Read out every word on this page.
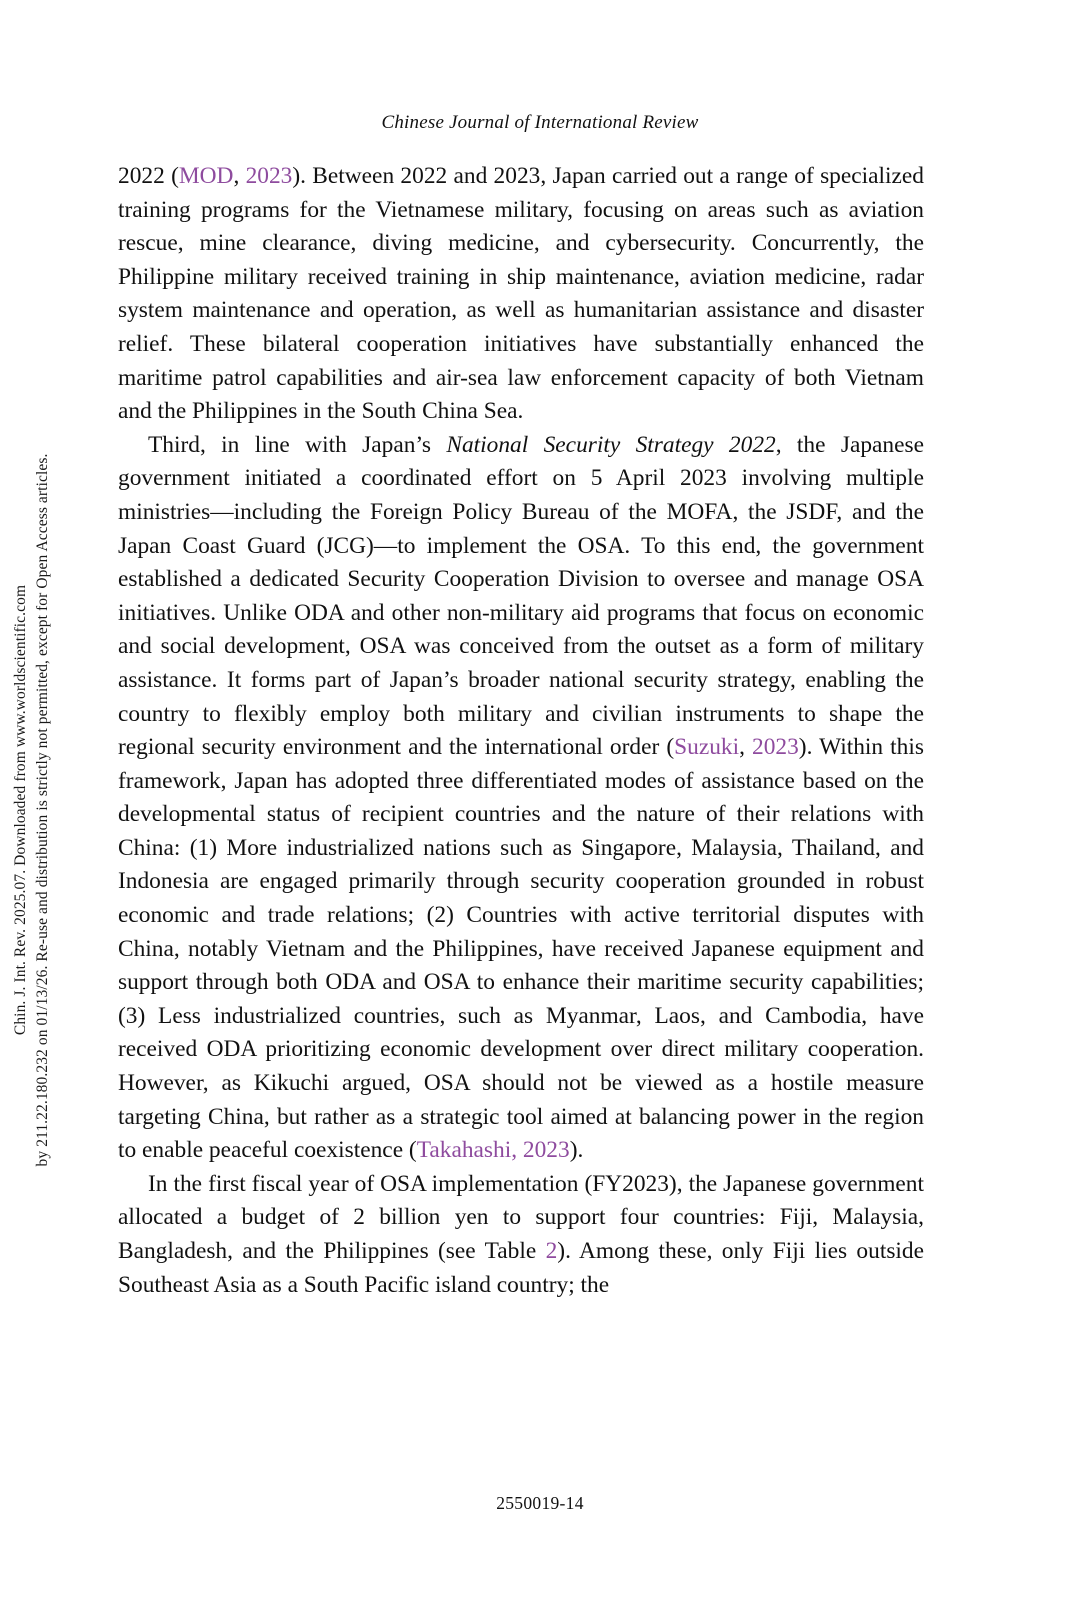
Chin. J. Int. Rev. 2025.07. Downloaded from www.worldscientific.com by 211.22.180.232 on 01/13/26. Re-use and distribution is strictly not permitted, except for Open Access articles.
Chinese Journal of International Review

2022 (MOD, 2023). Between 2022 and 2023, Japan carried out a range of specialized training programs for the Vietnamese military, focusing on areas such as aviation rescue, mine clearance, diving medicine, and cybersecurity. Concurrently, the Philippine military received training in ship maintenance, aviation medicine, radar system maintenance and operation, as well as humanitarian assistance and disaster relief. These bilateral cooperation initiatives have substantially enhanced the maritime patrol capabilities and air-sea law enforcement capacity of both Vietnam and the Philippines in the South China Sea.

Third, in line with Japan’s National Security Strategy 2022, the Japanese government initiated a coordinated effort on 5 April 2023 involving multiple ministries—including the Foreign Policy Bureau of the MOFA, the JSDF, and the Japan Coast Guard (JCG)—to implement the OSA. To this end, the government established a dedicated Security Cooperation Division to oversee and manage OSA initiatives. Unlike ODA and other non-military aid programs that focus on economic and social development, OSA was conceived from the outset as a form of military assistance. It forms part of Japan’s broader national security strategy, enabling the country to flexibly employ both military and civilian instruments to shape the regional security environment and the international order (Suzuki, 2023). Within this framework, Japan has adopted three differentiated modes of assistance based on the developmental status of recipient countries and the nature of their relations with China: (1) More industrialized nations such as Singapore, Malaysia, Thailand, and Indonesia are engaged primarily through security cooperation grounded in robust economic and trade relations; (2) Countries with active territorial disputes with China, notably Vietnam and the Philippines, have received Japanese equipment and support through both ODA and OSA to enhance their maritime security capabilities; (3) Less industrialized countries, such as Myanmar, Laos, and Cambodia, have received ODA prioritizing economic development over direct military cooperation. However, as Kikuchi argued, OSA should not be viewed as a hostile measure targeting China, but rather as a strategic tool aimed at balancing power in the region to enable peaceful coexistence (Takahashi, 2023).

In the first fiscal year of OSA implementation (FY2023), the Japanese government allocated a budget of 2 billion yen to support four countries: Fiji, Malaysia, Bangladesh, and the Philippines (see Table 2). Among these, only Fiji lies outside Southeast Asia as a South Pacific island country; the

2550019-14
